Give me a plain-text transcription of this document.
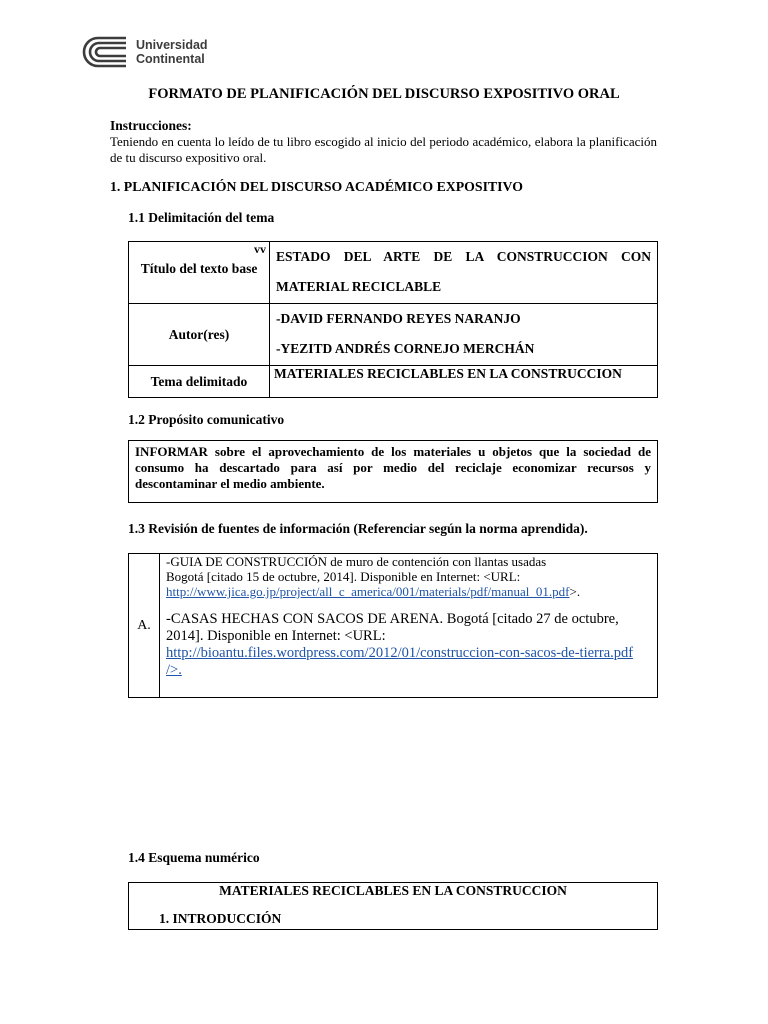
Universidad
Continental
FORMATO DE PLANIFICACIÓN DEL DISCURSO EXPOSITIVO ORAL
Instrucciones:
Teniendo en cuenta lo leído de tu libro escogido al inicio del periodo académico, elabora la planificación de tu discurso expositivo oral.
1. PLANIFICACIÓN DEL DISCURSO ACADÉMICO EXPOSITIVO
1.1 Delimitación del tema
vv
Título del texto base	ESTADO DEL ARTE DE LA CONSTRUCCION CON MATERIAL RECICLABLE
Autor(res)	-DAVID FERNANDO REYES NARANJO
-YEZITD ANDRÉS CORNEJO MERCHÁN

Tema delimitado	MATERIALES RECICLABLES EN LA CONSTRUCCION
1.2 Propósito comunicativo
INFORMAR sobre el aprovechamiento de los materiales u objetos que la sociedad de consumo ha descartado para así por medio del reciclaje economizar recursos y descontaminar el medio ambiente.
1.3 Revisión de fuentes de información (Referenciar según la norma aprendida).
A.	
-GUIA DE CONSTRUCCIÓN de muro de contención con llantas usadas
Bogotá [citado 15 de octubre, 2014]. Disponible en Internet: <URL:
http://www.jica.go.jp/project/all_c_america/001/materials/pdf/manual_01.pdf>.
-CASAS HECHAS CON SACOS DE ARENA. Bogotá [citado 27 de octubre, 2014]. Disponible en Internet: <URL:
http://bioantu.files.wordpress.com/2012/01/construccion-con-sacos-de-tierra.pdf />.
1.4 Esquema numérico
MATERIALES RECICLABLES EN LA CONSTRUCCION
1. INTRODUCCIÓN
